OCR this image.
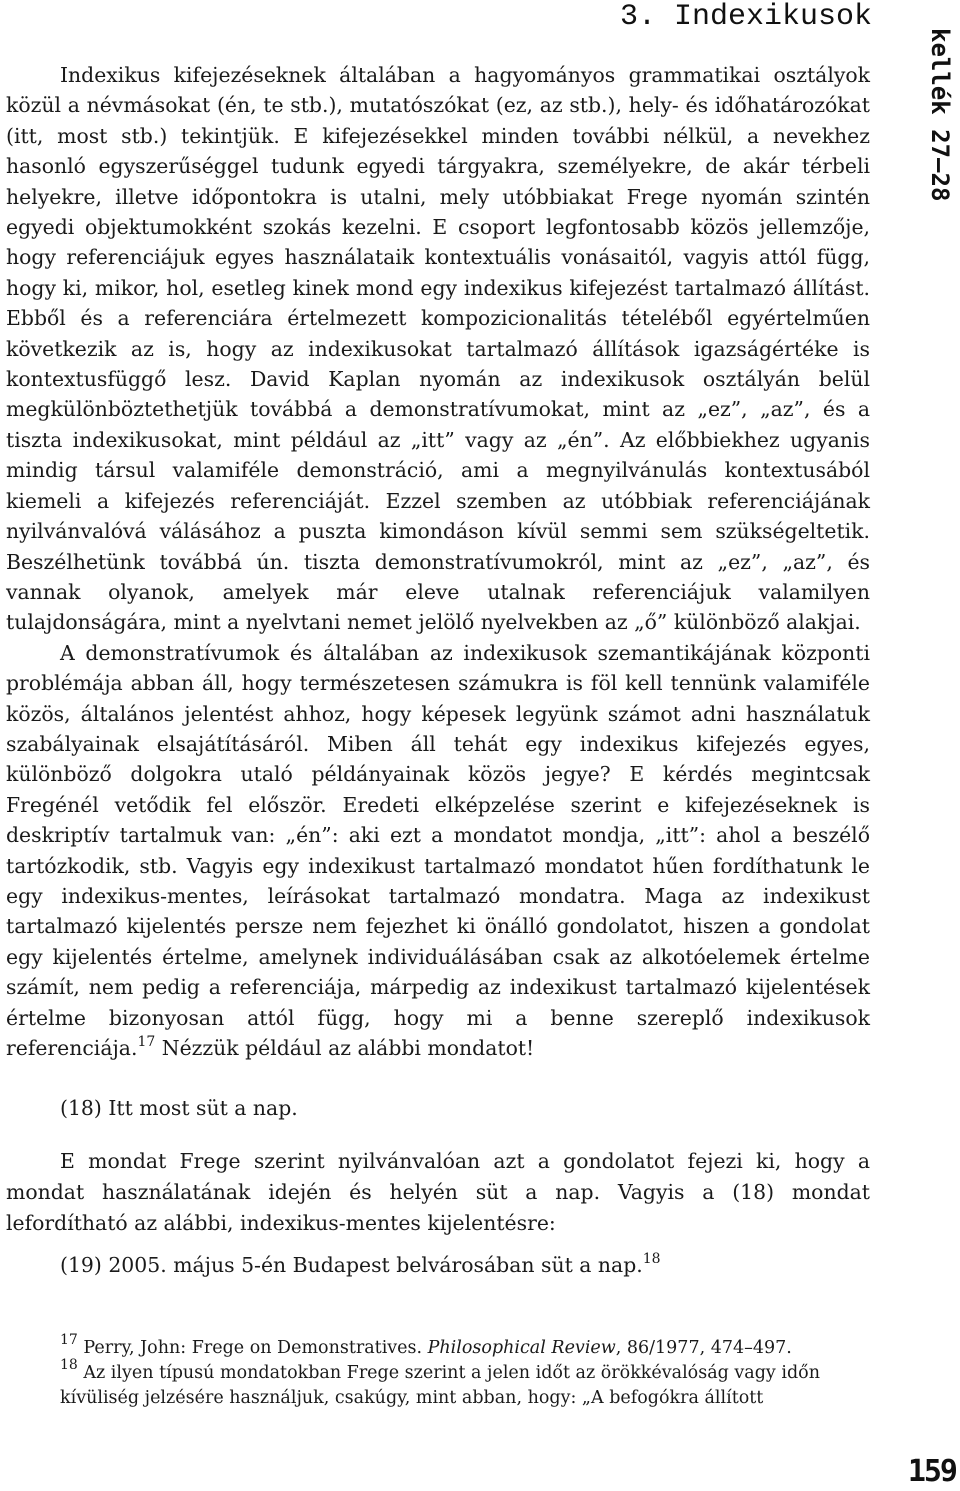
3. Indexikusok
kellék 27–28

Indexikus kifejezéseknek általában a hagyományos grammatikai osztályok közül a névmásokat (én, te stb.), mutatószókat (ez, az stb.), hely- és időhatározókat (itt, most stb.) tekintjük. E kifejezésekkel minden további nélkül, a nevekhez hasonló egyszerűséggel tudunk egyedi tárgyakra, személyekre, de akár térbeli helyekre, illetve időpontokra is utalni, mely utóbbiakat Frege nyomán szintén egyedi objektumokként szokás kezelni. E csoport legfontosabb közös jellemzője, hogy referenciájuk egyes használataik kontextuális vonásaitól, vagyis attól függ, hogy ki, mikor, hol, esetleg kinek mond egy indexikus kifejezést tartalmazó állítást. Ebből és a referenciára értelmezett kompozicionalitás tételéből egyértelműen következik az is, hogy az indexikusokat tartalmazó állítások igazságértéke is kontextusfüggő lesz. David Kaplan nyomán az indexikusok osztályán belül megkülönböztethetjük továbbá a demonstratívumokat, mint az „ez”, „az”, és a tiszta indexikusokat, mint például az „itt” vagy az „én”. Az előbbiekhez ugyanis mindig társul valamiféle demonstráció, ami a megnyilvánulás kontextusából kiemeli a kifejezés referenciáját. Ezzel szemben az utóbbiak referenciájának nyilvánvalóvá válásához a puszta kimondáson kívül semmi sem szükségeltetik. Beszélhetünk továbbá ún. tiszta demonstratívumokról, mint az „ez”, „az”, és vannak olyanok, amelyek már eleve utalnak referenciájuk valamilyen tulajdonságára, mint a nyelvtani nemet jelölő nyelvekben az „ő” különböző alakjai.

A demonstratívumok és általában az indexikusok szemantikájának központi problémája abban áll, hogy természetesen számukra is föl kell tennünk valamiféle közös, általános jelentést ahhoz, hogy képesek legyünk számot adni használatuk szabályainak elsajátításáról. Miben áll tehát egy indexikus kifejezés egyes, különböző dolgokra utaló példányainak közös jegye? E kérdés megintcsak Fregénél vetődik fel először. Eredeti elképzelése szerint e kifejezéseknek is deskriptív tartalmuk van: „én”: aki ezt a mondatot mondja, „itt”: ahol a beszélő tartózkodik, stb. Vagyis egy indexikust tartalmazó mondatot hűen fordíthatunk le egy indexikus-mentes, leírásokat tartalmazó mondatra. Maga az indexikust tartalmazó kijelentés persze nem fejezhet ki önálló gondolatot, hiszen a gondolat egy kijelentés értelme, amelynek individuálásában csak az alkotóelemek értelme számít, nem pedig a referenciája, márpedig az indexikust tartalmazó kijelentések értelme bizonyosan attól függ, hogy mi a benne szereplő indexikusok referenciája.$^{17}$ Nézzük például az alábbi mondatot!

(18) Itt most süt a nap.

E mondat Frege szerint nyilvánvalóan azt a gondolatot fejezi ki, hogy a mondat használatának idején és helyén süt a nap. Vagyis a (18) mondat lefordítható az alábbi, indexikus-mentes kijelentésre:

(19) 2005. május 5-én Budapest belvárosában süt a nap.$^{18}$

$^{17}$ Perry, John: Frege on Demonstratives. Philosophical Review, 86/1977, 474–497.

$^{18}$ Az ilyen típusú mondatokban Frege szerint a jelen időt az örökkévalóság vagy időn kívüliség jelzésére használjuk, csakúgy, mint abban, hogy: „A befogókra állított

159
